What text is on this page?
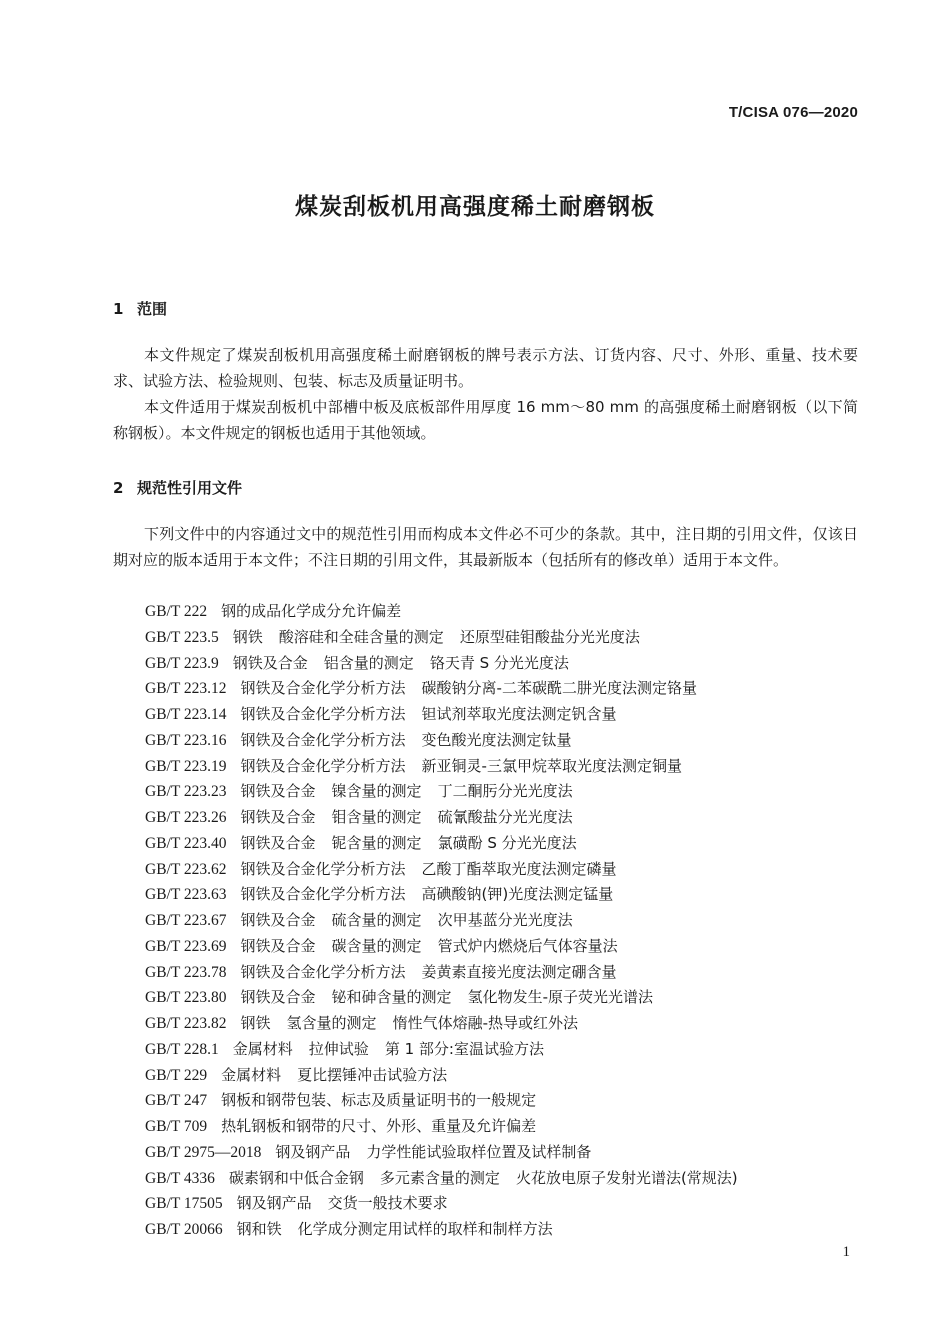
T/CISA 076—2020
煤炭刮板机用高强度稀土耐磨钢板
1 范围

本文件规定了煤炭刮板机用高强度稀土耐磨钢板的牌号表示方法、订货内容、尺寸、外形、重量、技术要求、试验方法、检验规则、包装、标志及质量证明书。

本文件适用于煤炭刮板机中部槽中板及底板部件用厚度 16 mm～80 mm 的高强度稀土耐磨钢板（以下简称钢板）。本文件规定的钢板也适用于其他领域。

2 规范性引用文件

下列文件中的内容通过文中的规范性引用而构成本文件必不可少的条款。其中，注日期的引用文件，仅该日期对应的版本适用于本文件；不注日期的引用文件，其最新版本（包括所有的修改单）适用于本文件。

GB/T 222 钢的成品化学成分允许偏差
GB/T 223.5 钢铁 酸溶硅和全硅含量的测定 还原型硅钼酸盐分光光度法
GB/T 223.9 钢铁及合金 铝含量的测定 铬天青 S 分光光度法
GB/T 223.12 钢铁及合金化学分析方法 碳酸钠分离-二苯碳酰二肼光度法测定铬量
GB/T 223.14 钢铁及合金化学分析方法 钽试剂萃取光度法测定钒含量
GB/T 223.16 钢铁及合金化学分析方法 变色酸光度法测定钛量
GB/T 223.19 钢铁及合金化学分析方法 新亚铜灵-三氯甲烷萃取光度法测定铜量
GB/T 223.23 钢铁及合金 镍含量的测定 丁二酮肟分光光度法
GB/T 223.26 钢铁及合金 钼含量的测定 硫氰酸盐分光光度法
GB/T 223.40 钢铁及合金 铌含量的测定 氯磺酚 S 分光光度法
GB/T 223.62 钢铁及合金化学分析方法 乙酸丁酯萃取光度法测定磷量
GB/T 223.63 钢铁及合金化学分析方法 高碘酸钠(钾)光度法测定锰量
GB/T 223.67 钢铁及合金 硫含量的测定 次甲基蓝分光光度法
GB/T 223.69 钢铁及合金 碳含量的测定 管式炉内燃烧后气体容量法
GB/T 223.78 钢铁及合金化学分析方法 姜黄素直接光度法测定硼含量
GB/T 223.80 钢铁及合金 铋和砷含量的测定 氢化物发生-原子荧光光谱法
GB/T 223.82 钢铁 氢含量的测定 惰性气体熔融-热导或红外法
GB/T 228.1 金属材料 拉伸试验 第 1 部分:室温试验方法
GB/T 229 金属材料 夏比摆锤冲击试验方法
GB/T 247 钢板和钢带包装、标志及质量证明书的一般规定
GB/T 709 热轧钢板和钢带的尺寸、外形、重量及允许偏差
GB/T 2975—2018 钢及钢产品 力学性能试验取样位置及试样制备
GB/T 4336 碳素钢和中低合金钢 多元素含量的测定 火花放电原子发射光谱法(常规法)
GB/T 17505 钢及钢产品 交货一般技术要求
GB/T 20066 钢和铁 化学成分测定用试样的取样和制样方法
1
